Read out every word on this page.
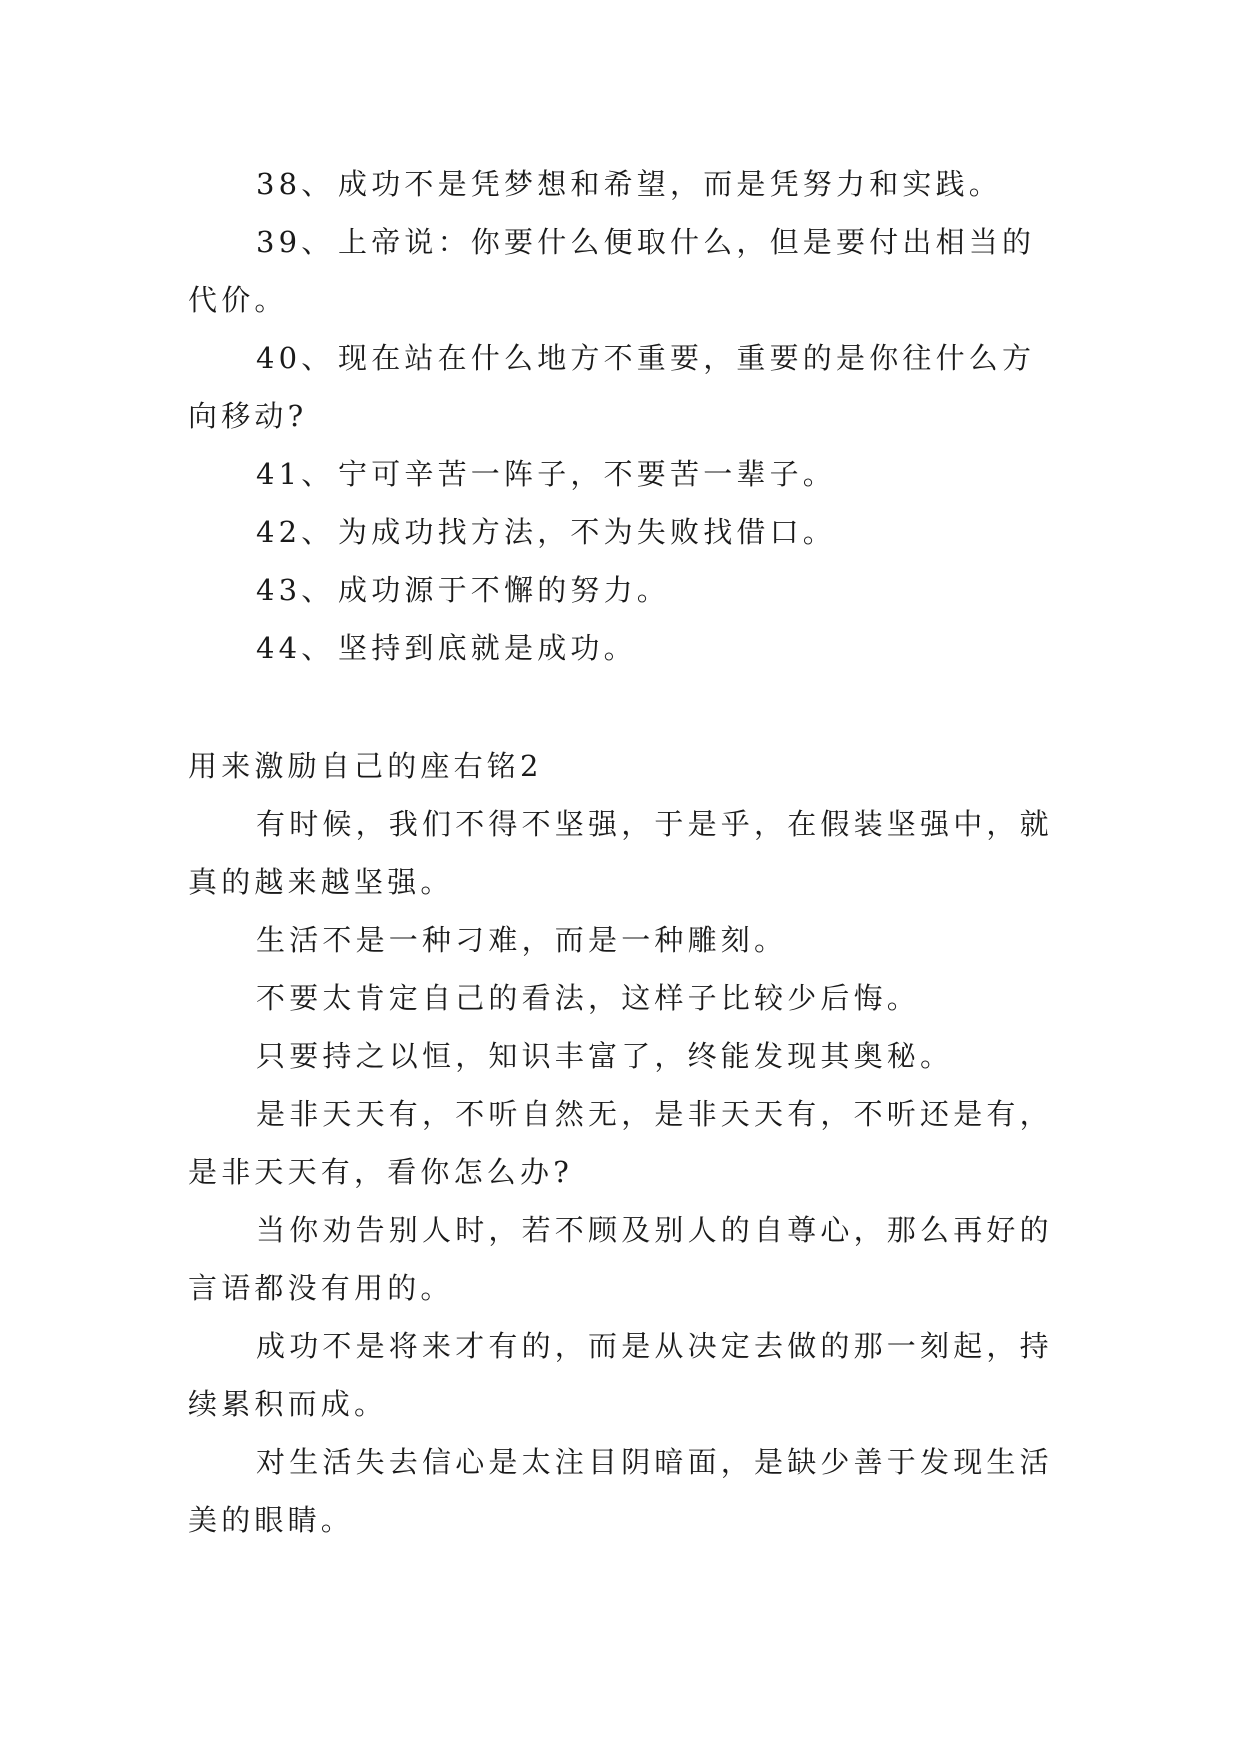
38、 成功不是凭梦想和希望，而是凭努力和实践。
39、 上帝说：你要什么便取什么，但是要付出相当的
代价。
40、 现在站在什么地方不重要，重要的是你往什么方
向移动?
41、 宁可辛苦一阵子，不要苦一辈子。
42、 为成功找方法，不为失败找借口。
43、 成功源于不懈的努力。
44、 坚持到底就是成功。
用来激励自己的座右铭2
有时候，我们不得不坚强，于是乎，在假装坚强中，就
真的越来越坚强。
生活不是一种刁难，而是一种雕刻。
不要太肯定自己的看法，这样子比较少后悔。
只要持之以恒，知识丰富了，终能发现其奥秘。
是非天天有，不听自然无，是非天天有，不听还是有，
是非天天有，看你怎么办?
当你劝告别人时，若不顾及别人的自尊心，那么再好的
言语都没有用的。
成功不是将来才有的，而是从决定去做的那一刻起，持
续累积而成。
对生活失去信心是太注目阴暗面，是缺少善于发现生活
美的眼睛。
